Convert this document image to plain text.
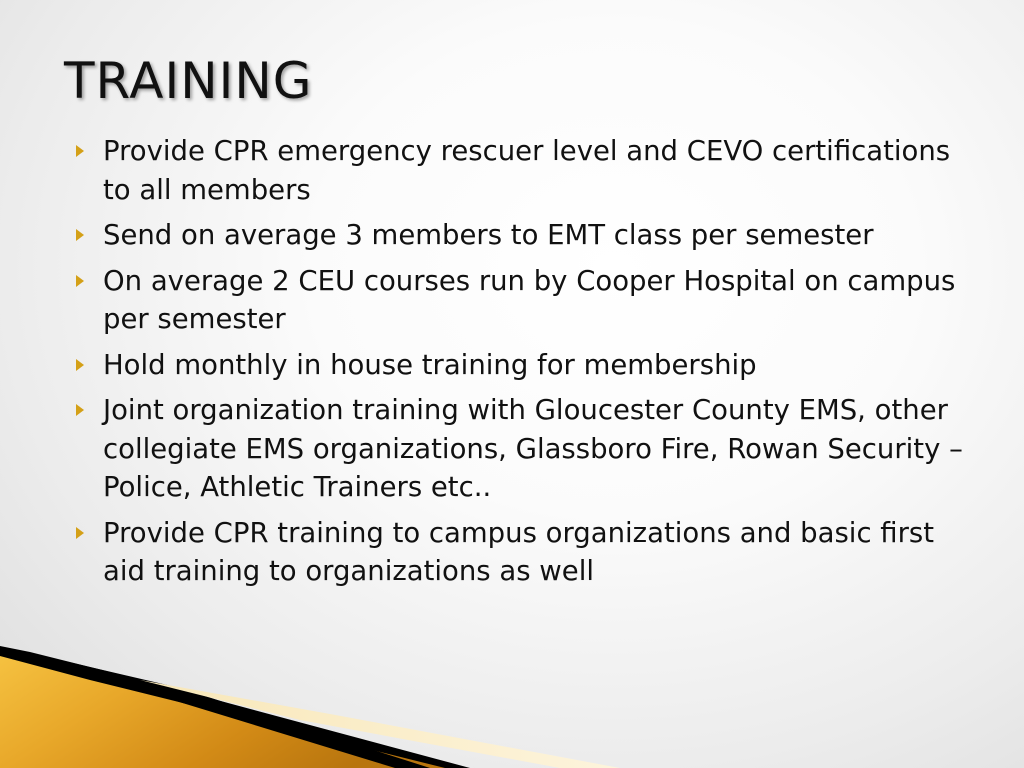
TRAINING
Provide CPR emergency rescuer level and CEVO certifications to all members
Send on average 3 members to EMT class per semester
On average 2 CEU courses run by Cooper Hospital on campus per semester
Hold monthly in house training for membership
Joint organization training with Gloucester County EMS, other collegiate EMS organizations, Glassboro Fire, Rowan Security – Police, Athletic Trainers etc..
Provide CPR training to campus organizations and basic first aid training to organizations as well
